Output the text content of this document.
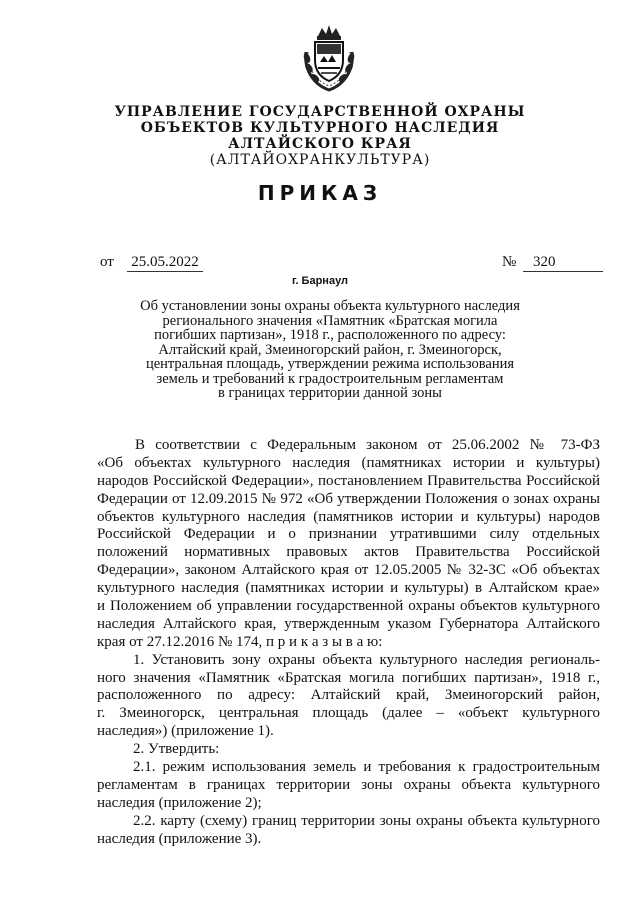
УПРАВЛЕНИЕ ГОСУДАРСТВЕННОЙ ОХРАНЫ
ОБЪЕКТОВ КУЛЬТУРНОГО НАСЛЕДИЯ
АЛТАЙСКОГО КРАЯ
(АЛТАЙОХРАНКУЛЬТУРА)
ПРИКАЗ
от 25.05.2022	№	320
г. Барнаул
Об установлении зоны охраны объекта культурного наследия
регионального значения «Памятник «Братская могила
погибших партизан», 1918 г., расположенного по адресу:
Алтайский край, Змеиногорский район, г. Змеиногорск,
центральная площадь, утверждении режима использования
земель и требований к градостроительным регламентам
в границах территории данной зоны
В соответствии с Федеральным законом от 25.06.2002 № 73-ФЗ
«Об объектах культурного наследия (памятниках истории и культуры)
народов Российской Федерации», постановлением Правительства Российской
Федерации от 12.09.2015 № 972 «Об утверждении Положения о зонах охраны
объектов культурного наследия (памятников истории и культуры) народов
Российской Федерации и о признании утратившими силу отдельных
положений нормативных правовых актов Правительства Российской
Федерации», законом Алтайского края от 12.05.2005 № 32-ЗС «Об объектах
культурного наследия (памятниках истории и культуры) в Алтайском крае»
и Положением об управлении государственной охраны объектов культурного
наследия Алтайского края, утвержденным указом Губернатора Алтайского
края от 27.12.2016 № 174, п р и к а з ы в а ю:
1. Установить зону охраны объекта культурного наследия региональ-
ного значения «Памятник «Братская могила погибших партизан», 1918 г.,
расположенного по адресу: Алтайский край, Змеиногорский район,
г. Змеиногорск, центральная площадь (далее – «объект культурного
наследия») (приложение 1).
2. Утвердить:
2.1. режим использования земель и требования к градостроительным
регламентам в границах территории зоны охраны объекта культурного
наследия (приложение 2);
2.2. карту (схему) границ территории зоны охраны объекта культурного
наследия (приложение 3).
